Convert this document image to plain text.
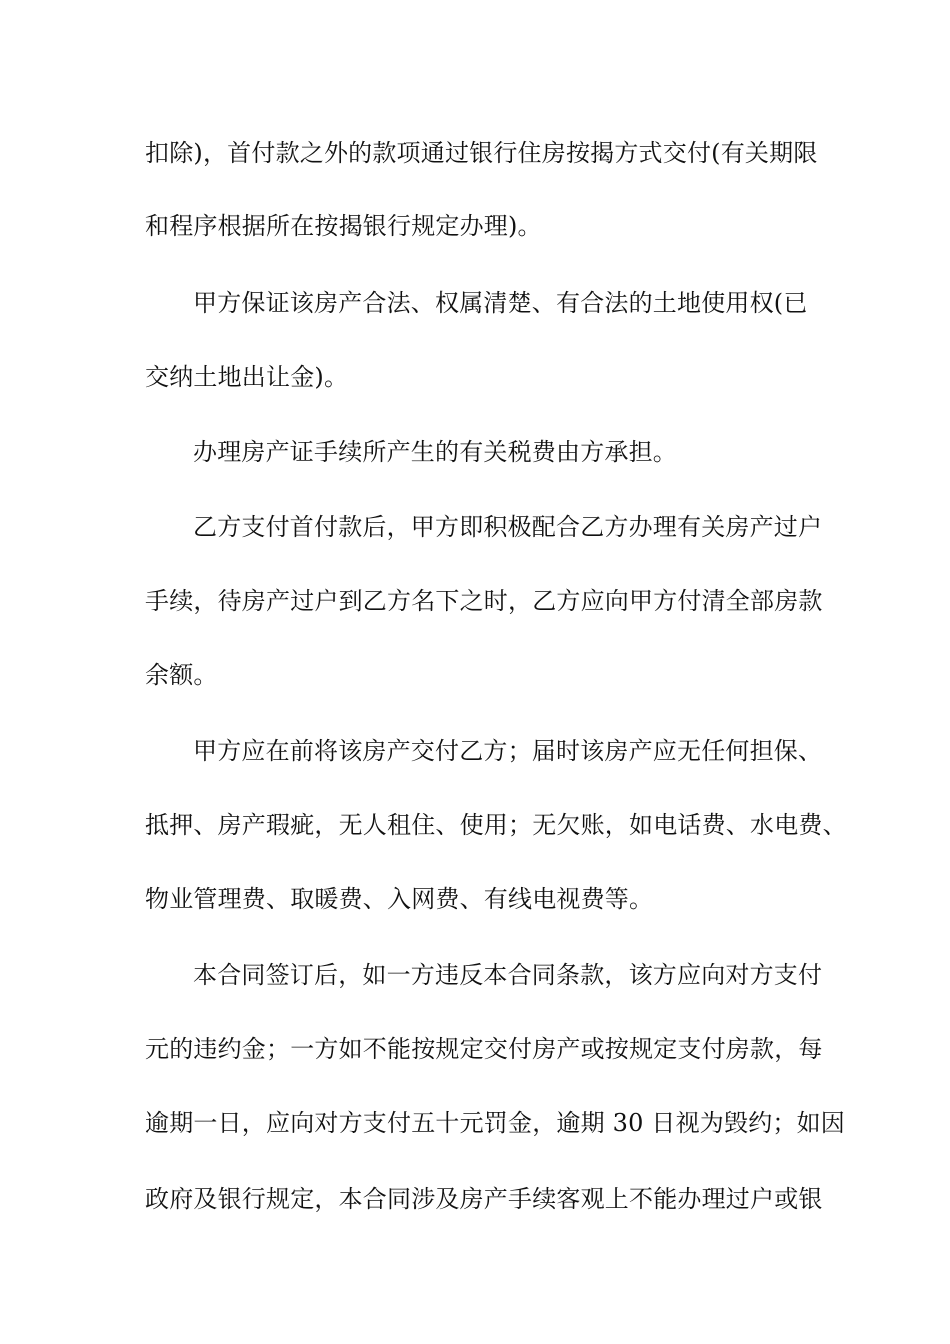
扣除)，首付款之外的款项通过银行住房按揭方式交付(有关期限
和程序根据所在按揭银行规定办理)。
甲方保证该房产合法、权属清楚、有合法的土地使用权(已
交纳土地出让金)。
办理房产证手续所产生的有关税费由方承担。
乙方支付首付款后，甲方即积极配合乙方办理有关房产过户
手续，待房产过户到乙方名下之时，乙方应向甲方付清全部房款
余额。
甲方应在前将该房产交付乙方；届时该房产应无任何担保、
抵押、房产瑕疵，无人租住、使用；无欠账，如电话费、水电费、
物业管理费、取暖费、入网费、有线电视费等。
本合同签订后，如一方违反本合同条款，该方应向对方支付
元的违约金；一方如不能按规定交付房产或按规定支付房款，每
逾期一日，应向对方支付五十元罚金，逾期 30 日视为毁约；如因
政府及银行规定，本合同涉及房产手续客观上不能办理过户或银
